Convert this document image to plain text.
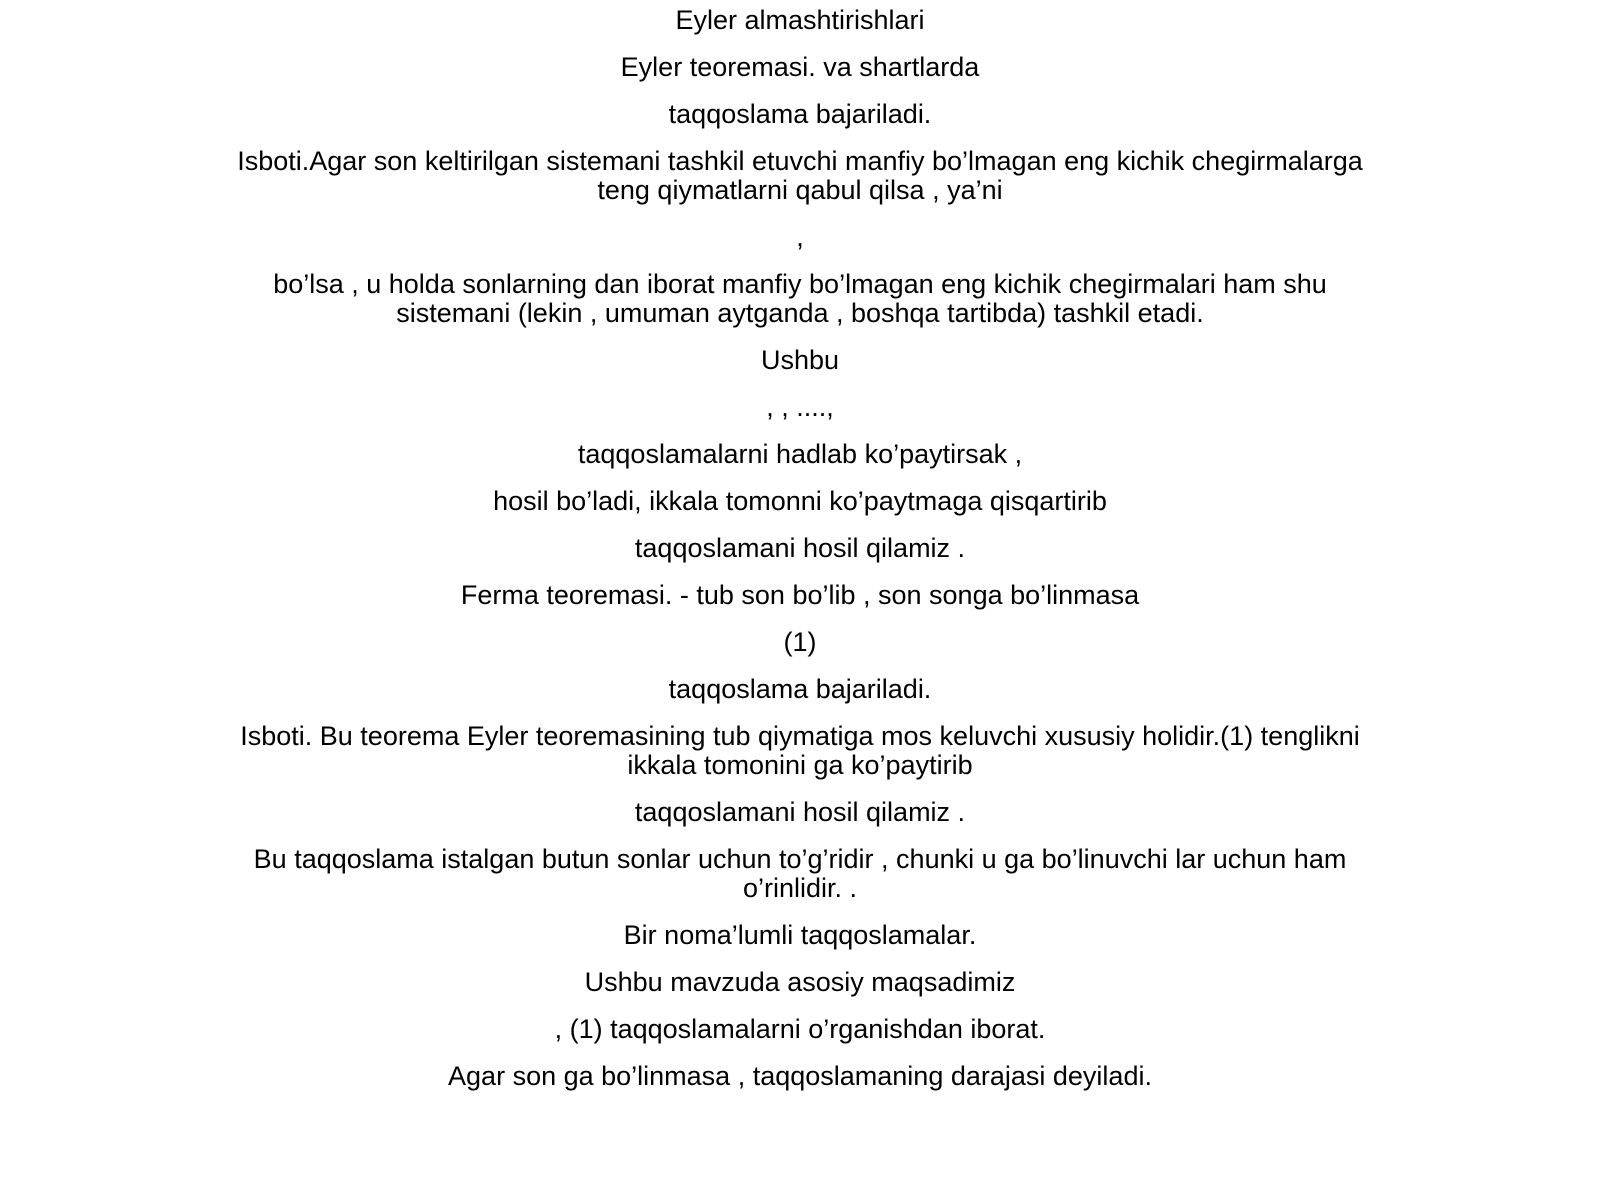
Eyler almashtirishlari

Eyler teoremasi. va shartlarda

taqqoslama bajariladi.

Isboti.Agar son keltirilgan sistemani tashkil etuvchi manfiy bo’lmagan eng kichik chegirmalarga teng qiymatlarni qabul qilsa , ya’ni

,

bo’lsa , u holda sonlarning dan iborat manfiy bo’lmagan eng kichik chegirmalari ham shu sistemani (lekin , umuman aytganda , boshqa tartibda) tashkil etadi.

Ushbu

, , ....,

taqqoslamalarni hadlab ko’paytirsak ,

hosil bo’ladi, ikkala tomonni ko’paytmaga qisqartirib

taqqoslamani hosil qilamiz .

Ferma teoremasi. - tub son bo’lib , son songa bo’linmasa

(1)

taqqoslama bajariladi.

Isboti. Bu teorema Eyler teoremasining tub qiymatiga mos keluvchi xususiy holidir.(1) tenglikni ikkala tomonini ga ko’paytirib

taqqoslamani hosil qilamiz .

Bu taqqoslama istalgan butun sonlar uchun to’g’ridir , chunki u ga bo’linuvchi lar uchun ham o’rinlidir. .

Bir noma’lumli taqqoslamalar.

Ushbu mavzuda asosiy maqsadimiz

, (1) taqqoslamalarni o’rganishdan iborat.

Agar son ga bo’linmasa , taqqoslamaning darajasi deyiladi.
